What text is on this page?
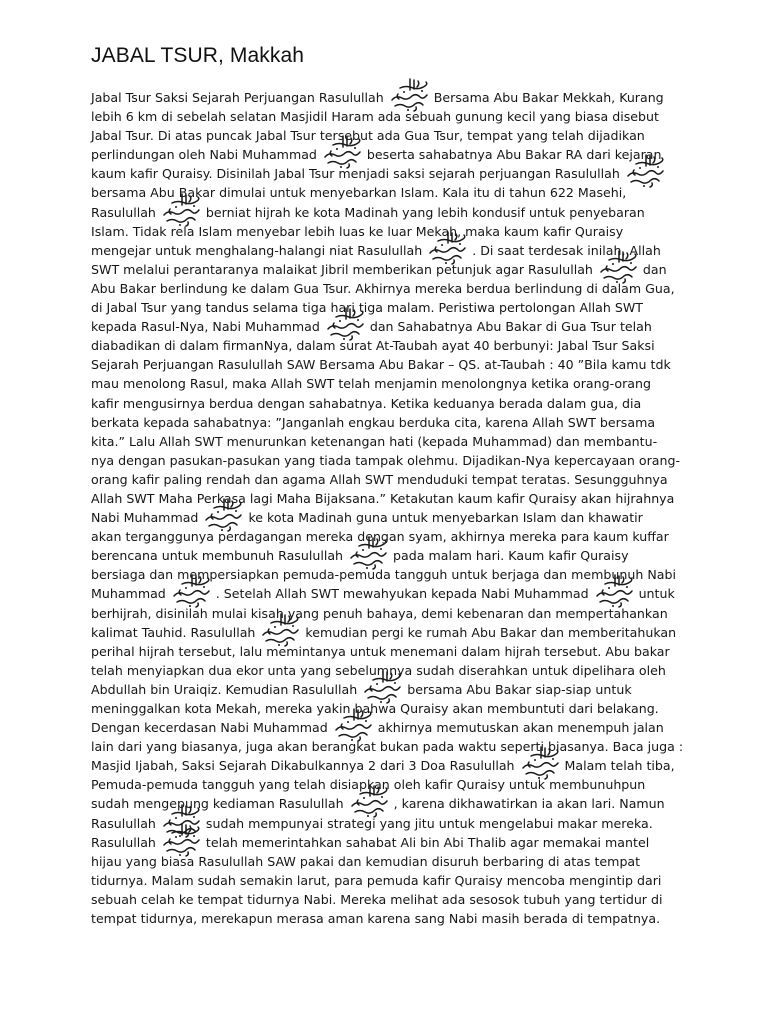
JABAL TSUR, Makkah
Jabal Tsur Saksi Sejarah Perjuangan Rasulullah	Bersama Abu Bakar Mekkah, Kurang
lebih 6 km di sebelah selatan Masjidil Haram ada sebuah gunung kecil yang biasa disebut
Jabal Tsur. Di atas puncak Jabal Tsur tersebut ada Gua Tsur, tempat yang telah dijadikan
perlindungan oleh Nabi Muhammad	beserta sahabatnya Abu Bakar RA dari kejaran
kaum kafir Quraisy. Disinilah Jabal Tsur menjadi saksi sejarah perjuangan Rasulullah
bersama Abu Bakar dimulai untuk menyebarkan Islam. Kala itu di tahun 622 Masehi,
Rasulullah	berniat hijrah ke kota Madinah yang lebih kondusif untuk penyebaran
Islam. Tidak rela Islam menyebar lebih luas ke luar Mekah, maka kaum kafir Quraisy
mengejar untuk menghalang-halangi niat Rasulullah	. Di saat terdesak inilah, Allah
SWT melalui perantaranya malaikat Jibril memberikan petunjuk agar Rasulullah	dan
Abu Bakar berlindung ke dalam Gua Tsur. Akhirnya mereka berdua berlindung di dalam Gua,
di Jabal Tsur yang tandus selama tiga hari tiga malam. Peristiwa pertolongan Allah SWT
kepada Rasul-Nya, Nabi Muhammad	dan Sahabatnya Abu Bakar di Gua Tsur telah
diabadikan di dalam firmanNya, dalam surat At-Taubah ayat 40 berbunyi: Jabal Tsur Saksi
Sejarah Perjuangan Rasulullah SAW Bersama Abu Bakar – QS. at-Taubah : 40 ”Bila kamu tdk
mau menolong Rasul, maka Allah SWT telah menjamin menolongnya ketika orang-orang
kafir mengusirnya berdua dengan sahabatnya. Ketika keduanya berada dalam gua, dia
berkata kepada sahabatnya: ”Janganlah engkau berduka cita, karena Allah SWT bersama
kita.” Lalu Allah SWT menurunkan ketenangan hati (kepada Muhammad) dan membantu-
nya dengan pasukan-pasukan yang tiada tampak olehmu. Dijadikan-Nya kepercayaan orang-
orang kafir paling rendah dan agama Allah SWT menduduki tempat teratas. Sesungguhnya
Allah SWT Maha Perkasa lagi Maha Bijaksana.” Ketakutan kaum kafir Quraisy akan hijrahnya
Nabi Muhammad	ke kota Madinah guna untuk menyebarkan Islam dan khawatir
akan terganggunya perdagangan mereka dengan syam, akhirnya mereka para kaum kuffar
berencana untuk membunuh Rasulullah	pada malam hari. Kaum kafir Quraisy
bersiaga dan mempersiapkan pemuda-pemuda tangguh untuk berjaga dan membunuh Nabi
Muhammad	. Setelah Allah SWT mewahyukan kepada Nabi Muhammad	untuk
berhijrah, disinilah mulai kisah yang penuh bahaya, demi kebenaran dan mempertahankan
kalimat Tauhid. Rasulullah	kemudian pergi ke rumah Abu Bakar dan memberitahukan
perihal hijrah tersebut, lalu memintanya untuk menemani dalam hijrah tersebut. Abu bakar
telah menyiapkan dua ekor unta yang sebelumnya sudah diserahkan untuk dipelihara oleh
Abdullah bin Uraiqiz. Kemudian Rasulullah	bersama Abu Bakar siap-siap untuk
meninggalkan kota Mekah, mereka yakin bahwa Quraisy akan membuntuti dari belakang.
Dengan kecerdasan Nabi Muhammad	akhirnya memutuskan akan menempuh jalan
lain dari yang biasanya, juga akan berangkat bukan pada waktu seperti biasanya. Baca juga :
Masjid Ijabah, Saksi Sejarah Dikabulkannya 2 dari 3 Doa Rasulullah	Malam telah tiba,
Pemuda-pemuda tangguh yang telah disiapkan oleh kafir Quraisy untuk membunuhpun
sudah mengepung kediaman Rasulullah	, karena dikhawatirkan ia akan lari. Namun
Rasulullah	sudah mempunyai strategi yang jitu untuk mengelabui makar mereka.
Rasulullah	telah memerintahkan sahabat Ali bin Abi Thalib agar memakai mantel
hijau yang biasa Rasulullah SAW pakai dan kemudian disuruh berbaring di atas tempat
tidurnya. Malam sudah semakin larut, para pemuda kafir Quraisy mencoba mengintip dari
sebuah celah ke tempat tidurnya Nabi. Mereka melihat ada sesosok tubuh yang tertidur di
tempat tidurnya, merekapun merasa aman karena sang Nabi masih berada di tempatnya.
